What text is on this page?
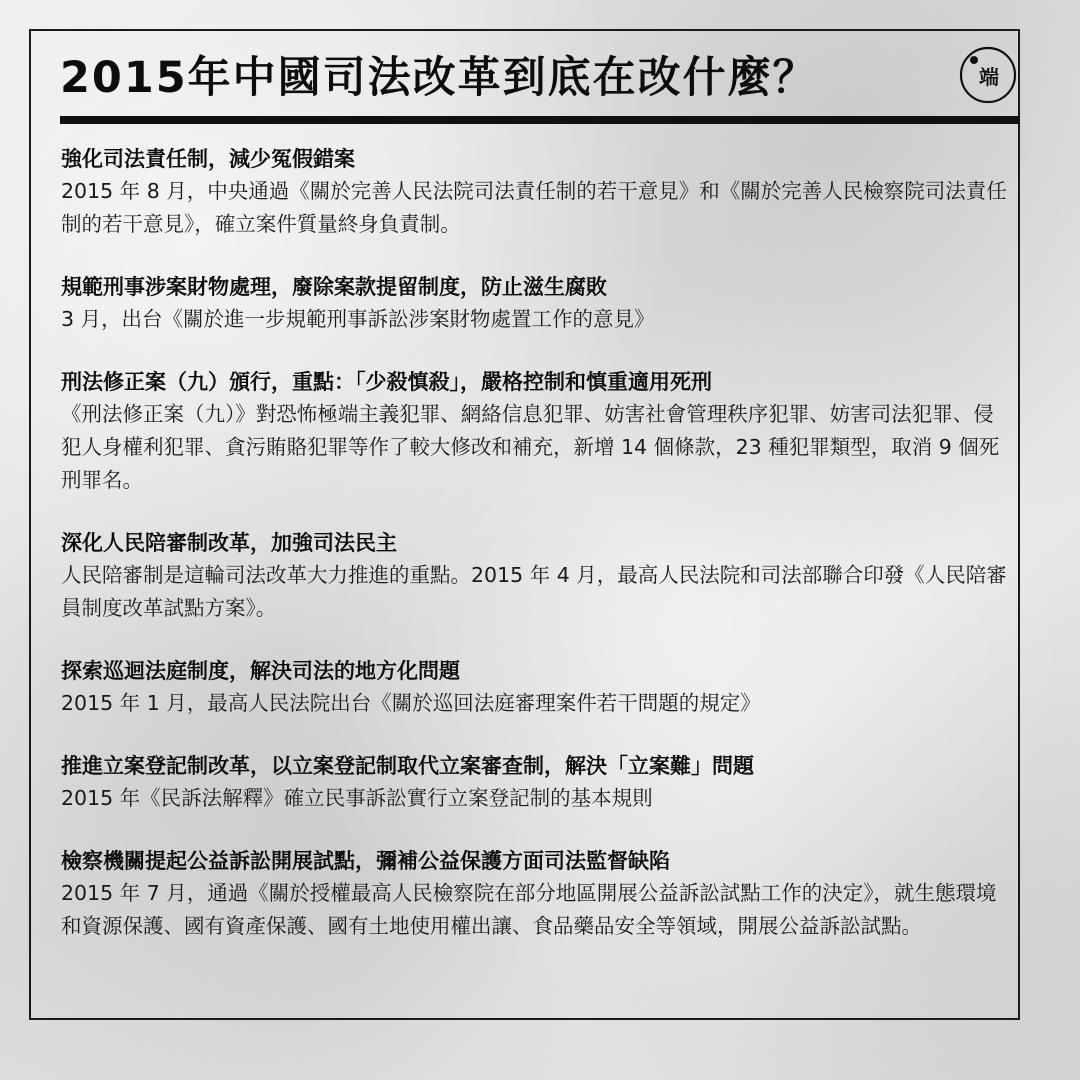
2015年中國司法改革到底在改什麼？	端

強化司法責任制，減少冤假錯案

2015 年 8 月，中央通過《關於完善人民法院司法責任制的若干意見》和《關於完善人民檢察院司法責任制的若干意見》，確立案件質量終身負責制。

規範刑事涉案財物處理，廢除案款提留制度，防止滋生腐敗

3 月，出台《關於進一步規範刑事訴訟涉案財物處置工作的意見》

刑法修正案（九）頒行，重點：「少殺慎殺」，嚴格控制和慎重適用死刑

《刑法修正案（九）》對恐怖極端主義犯罪、網絡信息犯罪、妨害社會管理秩序犯罪、妨害司法犯罪、侵犯人身權利犯罪、貪污賄賂犯罪等作了較大修改和補充，新增 14 個條款，23 種犯罪類型，取消 9 個死刑罪名。

深化人民陪審制改革，加強司法民主

人民陪審制是這輪司法改革大力推進的重點。2015 年 4 月，最高人民法院和司法部聯合印發《人民陪審員制度改革試點方案》。

探索巡迴法庭制度，解決司法的地方化問題

2015 年 1 月，最高人民法院出台《關於巡回法庭審理案件若干問題的規定》

推進立案登記制改革，以立案登記制取代立案審查制，解決「立案難」問題

2015 年《民訴法解釋》確立民事訴訟實行立案登記制的基本規則

檢察機關提起公益訴訟開展試點，彌補公益保護方面司法監督缺陷

2015 年 7 月，通過《關於授權最高人民檢察院在部分地區開展公益訴訟試點工作的決定》，就生態環境和資源保護、國有資產保護、國有土地使用權出讓、食品藥品安全等領域，開展公益訴訟試點。
